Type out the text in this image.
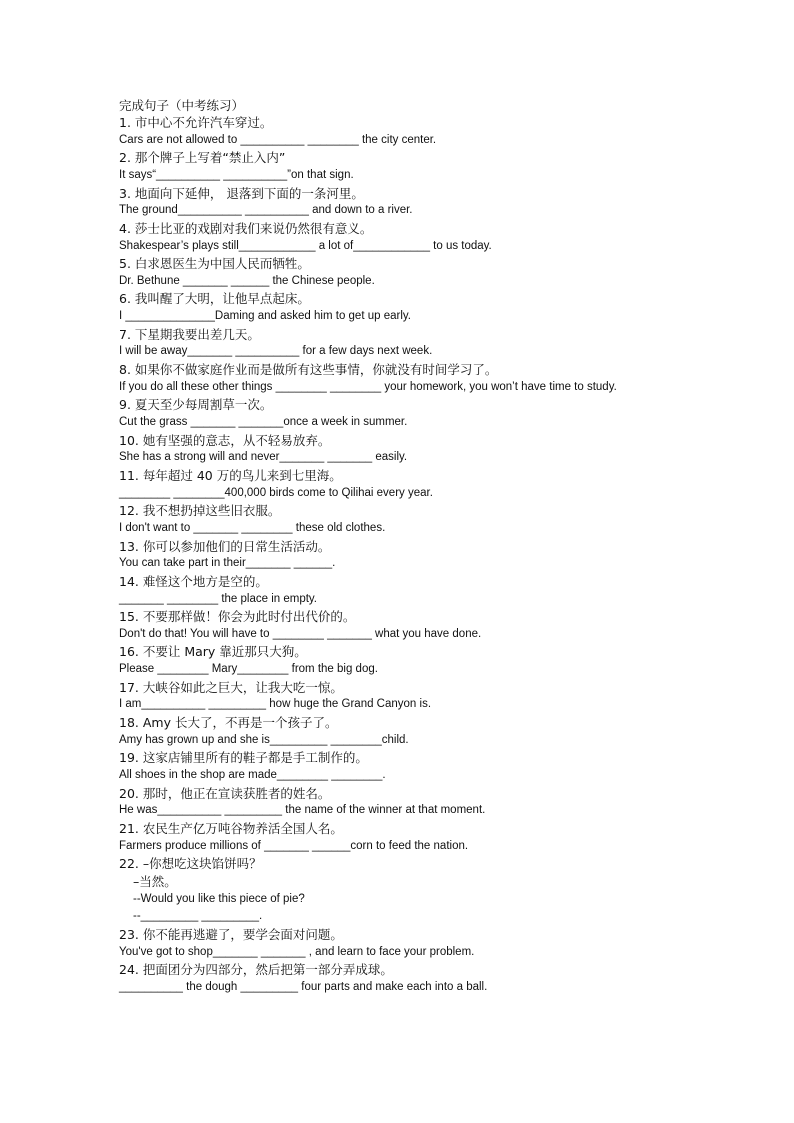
完成句子（中考练习）

1. 市中心不允许汽车穿过。

Cars are not allowed to __________ ________ the city center.

2. 那个牌子上写着“禁止入内”

It says“__________ __________”on that sign.

3. 地面向下延伸， 退落到下面的一条河里。

The ground__________ __________ and down to a river.

4. 莎士比亚的戏剧对我们来说仍然很有意义。

Shakespear’s plays still____________ a lot of____________ to us today.

5. 白求恩医生为中国人民而牺牲。

Dr. Bethune _______ ______ the Chinese people.

6. 我叫醒了大明，让他早点起床。

I ______________Daming and asked him to get up early.

7. 下星期我要出差几天。

I will be away_______ __________ for a few days next week.

8. 如果你不做家庭作业而是做所有这些事情，你就没有时间学习了。

If you do all these other things ________ ________ your homework, you won’t have time to study.

9. 夏天至少每周割草一次。

Cut the grass _______ _______once a week in summer.

10. 她有坚强的意志，从不轻易放弃。

She has a strong will and never_______ _______ easily.

11. 每年超过 40 万的鸟儿来到七里海。

________ ________400,000 birds come to Qilihai every year.

12. 我不想扔掉这些旧衣服。

I don't want to _______ ________ these old clothes.

13. 你可以参加他们的日常生活活动。

You can take part in their_______ ______.

14. 难怪这个地方是空的。

_______ ________ the place in empty.

15. 不要那样做！你会为此时付出代价的。

Don't do that! You will have to ________ _______ what you have done.

16. 不要让 Mary 靠近那只大狗。

Please ________ Mary________ from the big dog.

17. 大峡谷如此之巨大，让我大吃一惊。

I am__________ _________ how huge the Grand Canyon is.

18. Amy 长大了，不再是一个孩子了。

Amy has grown up and she is_________ ________child.

19. 这家店铺里所有的鞋子都是手工制作的。

All shoes in the shop are made________ ________.

20. 那时，他正在宣读获胜者的姓名。

He was__________ _________ the name of the winner at that moment.

21. 农民生产亿万吨谷物养活全国人名。

Farmers produce millions of _______ ______corn to feed the nation.

22. –你想吃这块馅饼吗？

–当然。

--Would you like this piece of pie?

--_________ _________.

23. 你不能再逃避了，要学会面对问题。

You've got to shop_______ _______ , and learn to face your problem.

24. 把面团分为四部分，然后把第一部分弄成球。

__________ the dough _________ four parts and make each into a ball.
